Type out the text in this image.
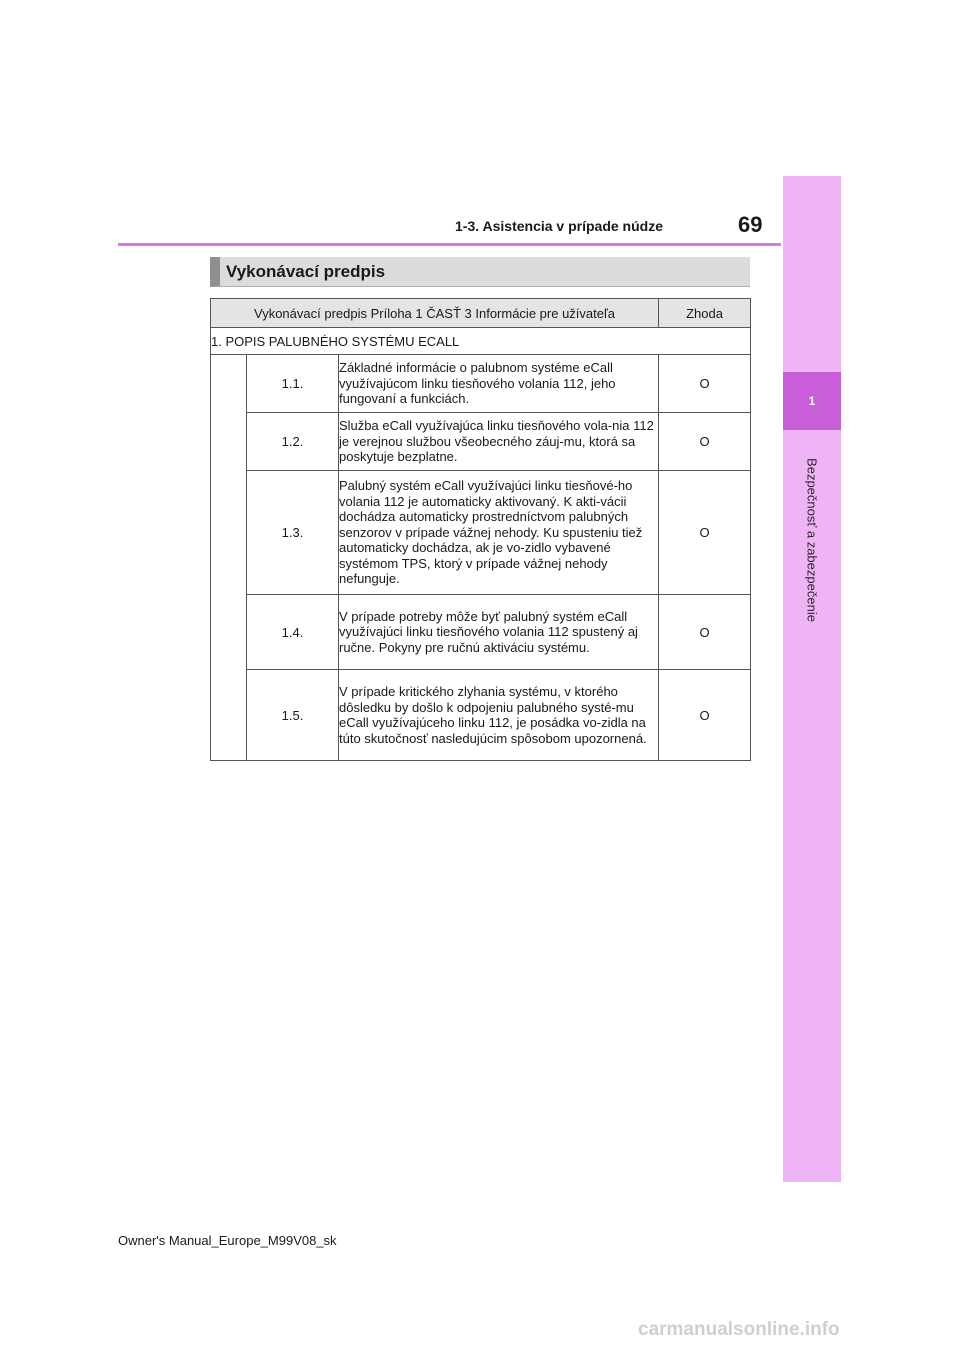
1
Bezpečnosť a zabezpečenie
1-3. Asistencia v prípade núdze	69
Vykonávací predpis
Vykonávací predpis Príloha 1 ČASŤ 3 Informácie pre užívateľa			Zhoda
1. POPIS PALUBNÉHO SYSTÉMU ECALL			
	1.1.	Základné informácie o palubnom systéme eCall využívajúcom linku tiesňového volania 112, jeho fungovaní a funkciách.	O
	1.2.	Služba eCall využívajúca linku tiesňového vola-nia 112 je verejnou službou všeobecného záuj-mu, ktorá sa poskytuje bezplatne.	O
	1.3.	Palubný systém eCall využívajúci linku tiesňové-ho volania 112 je automaticky aktivovaný. K akti-vácii dochádza automaticky prostredníctvom palubných senzorov v prípade vážnej nehody. Ku spusteniu tiež automaticky dochádza, ak je vo-zidlo vybavené systémom TPS, ktorý v prípade vážnej nehody nefunguje.	O
	1.4.	V prípade potreby môže byť palubný systém eCall využívajúci linku tiesňového volania 112 spustený aj ručne. Pokyny pre ručnú aktiváciu systému.	O
	1.5.	V prípade kritického zlyhania systému, v ktorého dôsledku by došlo k odpojeniu palubného systé-mu eCall využívajúceho linku 112, je posádka vo-zidla na túto skutočnosť nasledujúcim spôsobom upozornená.	O
Owner's Manual_Europe_M99V08_sk
carmanualsonline.info
